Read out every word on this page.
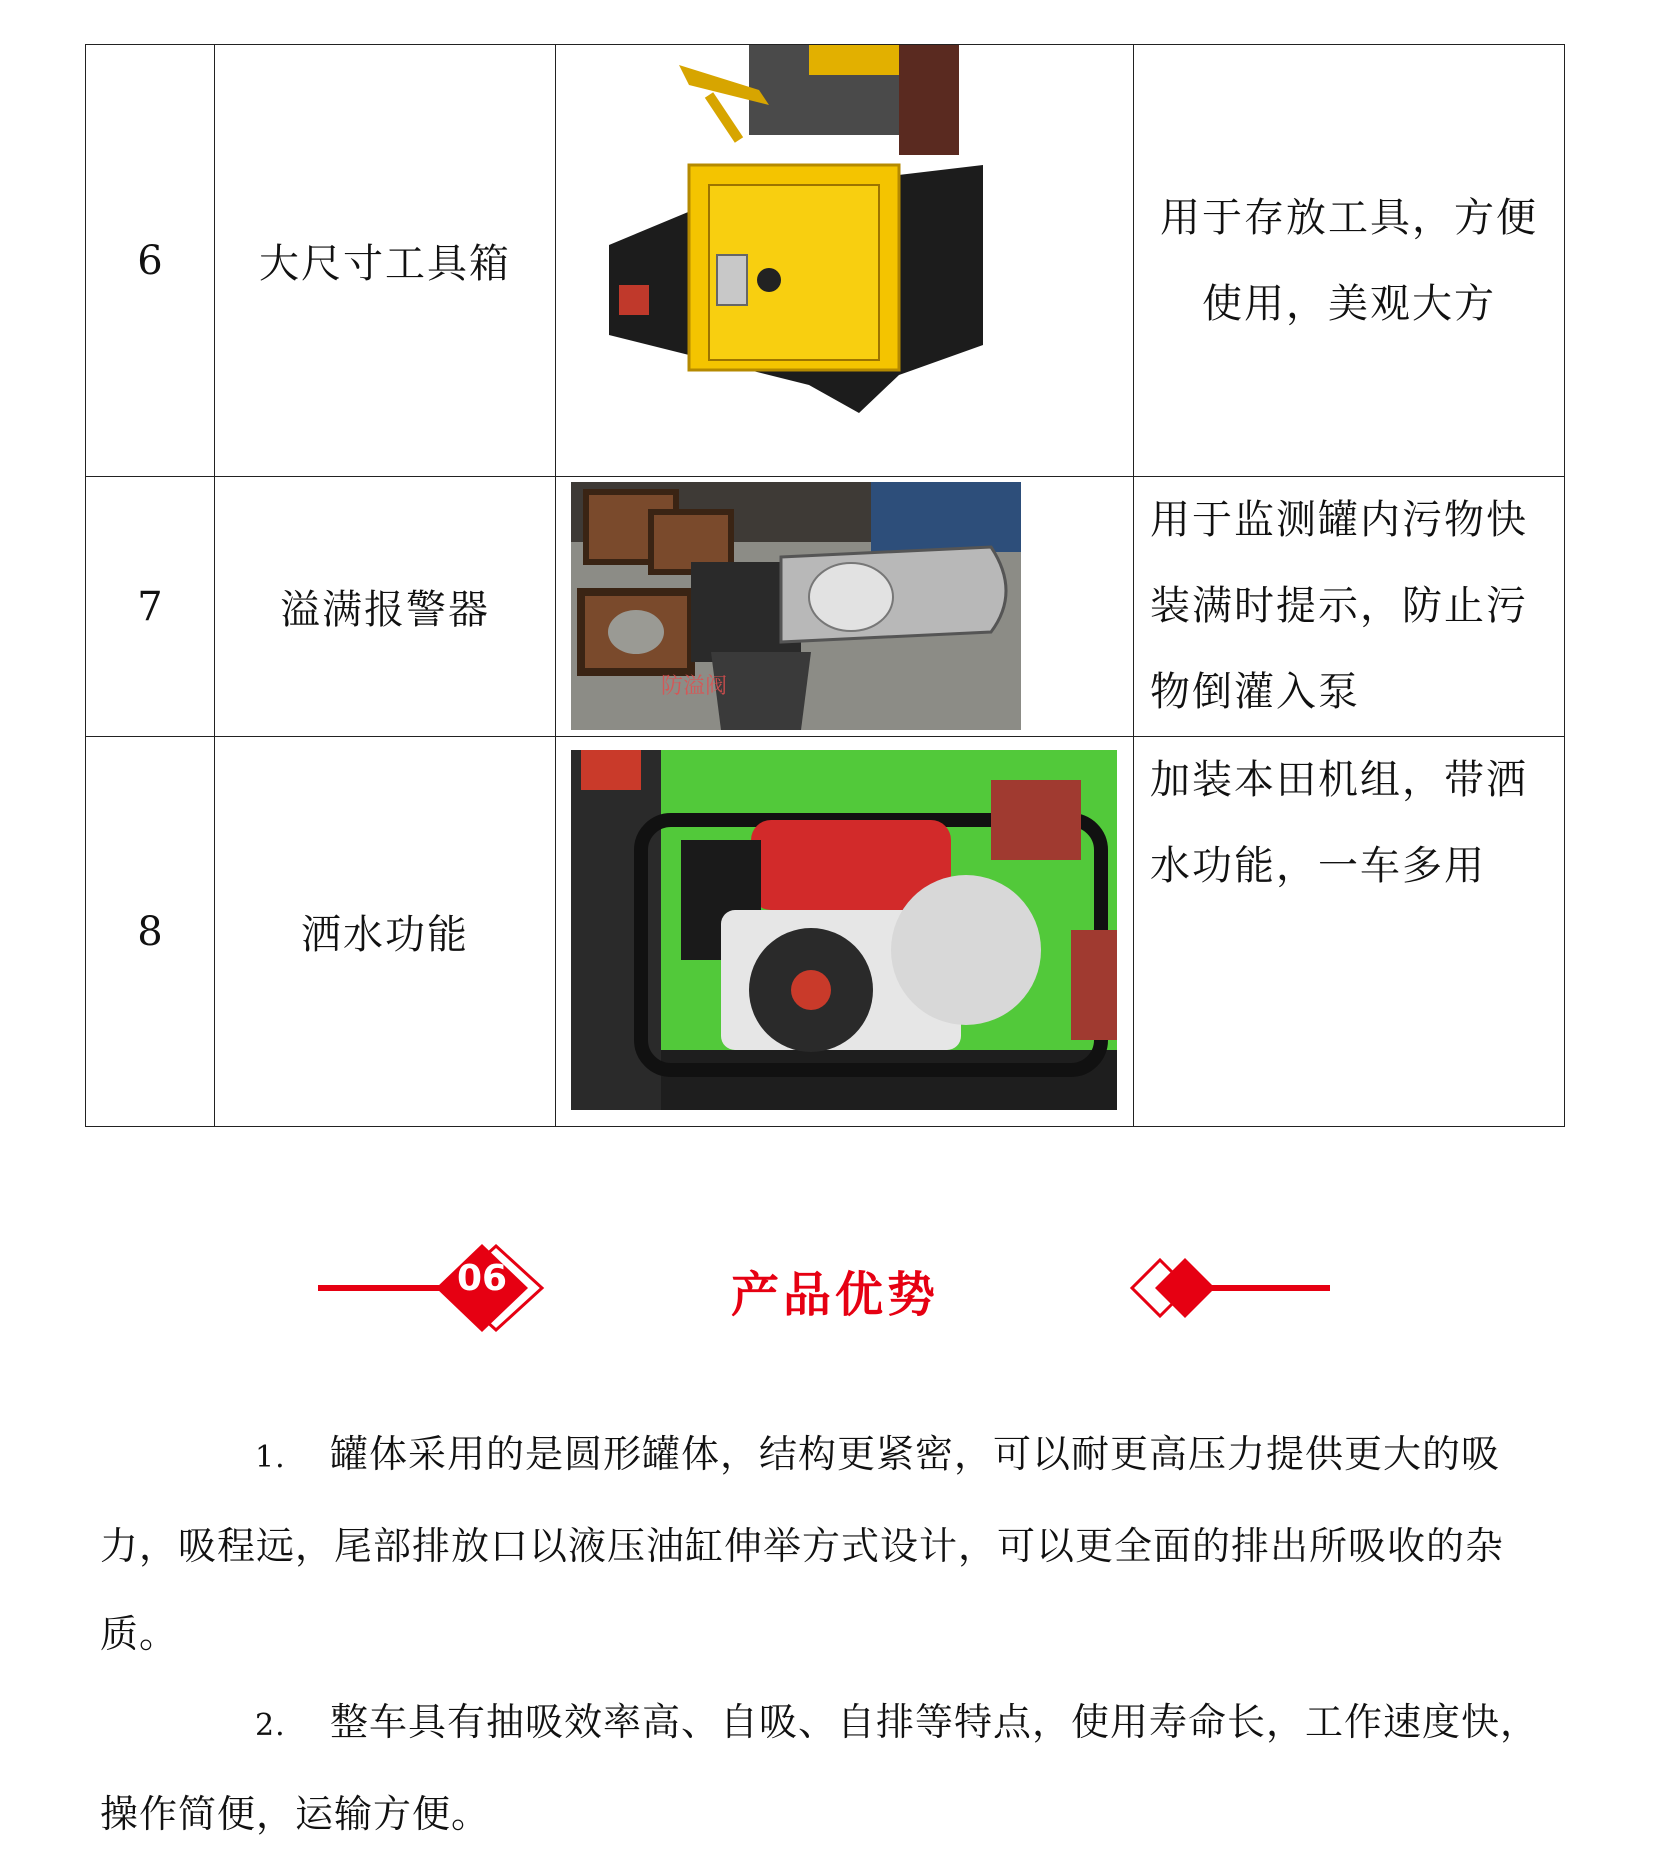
6	大尺寸工具箱		用于存放工具，方便
使用，美观大方

7	溢满报警器	防溢阀	用于监测罐内污物快
装满时提示，防止污
物倒灌入泵

8	洒水功能		加装本田机组，带洒
水功能，一车多用
06	产品优势

1. 罐体采用的是圆形罐体，结构更紧密，可以耐更高压力提供更大的吸力，吸程远，尾部排放口以液压油缸伸举方式设计，可以更全面的排出所吸收的杂质。

2. 整车具有抽吸效率高、自吸、自排等特点，使用寿命长，工作速度快，操作简便，运输方便。
